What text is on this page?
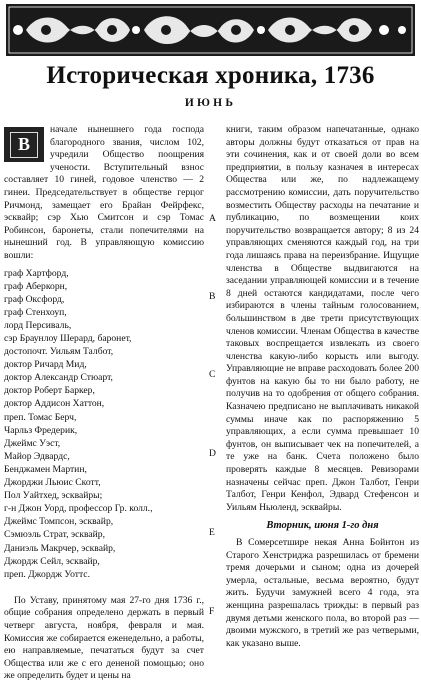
Историческая хроника, 1736
ИЮНЬ
В

начале нынешнего года господа благородного звания, числом 102, учредили Общество поощрения учености. Вступительный взнос составляет 10 гиней, годовое членство — 2 гинеи. Председательствует в обществе герцог Ричмонд, замещает его Брайан Фейрфекс, эсквайр; сэр Хью Смитсон и сэр Томас Робинсон, баронеты, стали попечителями на нынешний год. В управляющую комиссию вошли:

граф Хартфорд,
граф Аберкорн,
граф Оксфорд,
граф Стенхоуп,
лорд Персиваль,
сэр Браунлоу Шерард, баронет,
достопочт. Уильям Талбот,
доктор Ричард Мид,
доктор Александр Стюарт,
доктор Роберт Баркер,
доктор Аддисон Хаттон,
преп. Томас Берч,
Чарльз Фредерик,
Джеймс Уэст,
Майор Эдвардс,
Бенджамен Мартин,
Джорджи Льюис Скотт,
Пол Уайтхед, эсквайры;
г-н Джон Уорд, профессор Гр. колл.,
Джеймс Томпсон, эсквайр,
Сэмюэль Страт, эсквайр,
Даниэль Макрчер, эсквайр,
Джордж Сейл, эсквайр,
преп. Джордж Уоттс.

По Уставу, принятому мая 27-го дня 1736 г., общие собрания определено держать в первый четверг августа, ноября, февраля и мая. Комиссия же собирается еженедельно, а работы, ею направляемые, печататься будут за счет Общества или же с его дененой помощью; оно же определить будет и цены на

A
B
C
D
E
F

книги, таким образом напечатанные, однако авторы должны будут отказаться от прав на эти сочинения, как и от своей доли во всем предприятии, в пользу казначея в интересах Общества или же, по надлежащему рассмотрению комиссии, дать поручительство возместить Обществу расходы на печатание и публикацию, по возмещении коих поручительство возвращается автору; 8 из 24 управляющих сменяются каждый год, на три года лишаясь права на переизбрание. Ищущие членства в Обществе выдвигаются на заседании управляющей комиссии и в течение 8 дней остаются кандидатами, после чего избираются в члены тайным голосованием, большинством в две трети присутствующих членов комиссии. Членам Общества в качестве таковых воспрещается извлекать из своего членства какую-либо корысть или выгоду. Управляющие не вправе расходовать более 200 фунтов на какую бы то ни было работу, не получив на то одобрения от общего собрания. Казначею предписано не выплачивать никакой суммы иначе как по распоряжению 5 управляющих, а если сумма превышает 10 фунтов, он выписывает чек на попечителей, а те уже на банк. Счета положено было проверять каждые 8 месяцев. Ревизорами назначены сейчас преп. Джон Талбот, Генри Талбот, Генри Кенфол, Эдвард Стефенсон и Уильям Ньюленд, эсквайры.

Вторник, июня 1-го дня

В Сомерсетшире некая Анна Бойнтон из Старого Хенстриджа разрешилась от бремени тремя дочерьми и сыном; одна из дочерей умерла, остальные, весьма вероятно, будут жить. Будучи замужней всего 4 года, эта женщина разрешалась трижды: в первый раз двумя детьми женского пола, во второй раз — двоими мужского, в третий же раз четверыми, как указано выше.
